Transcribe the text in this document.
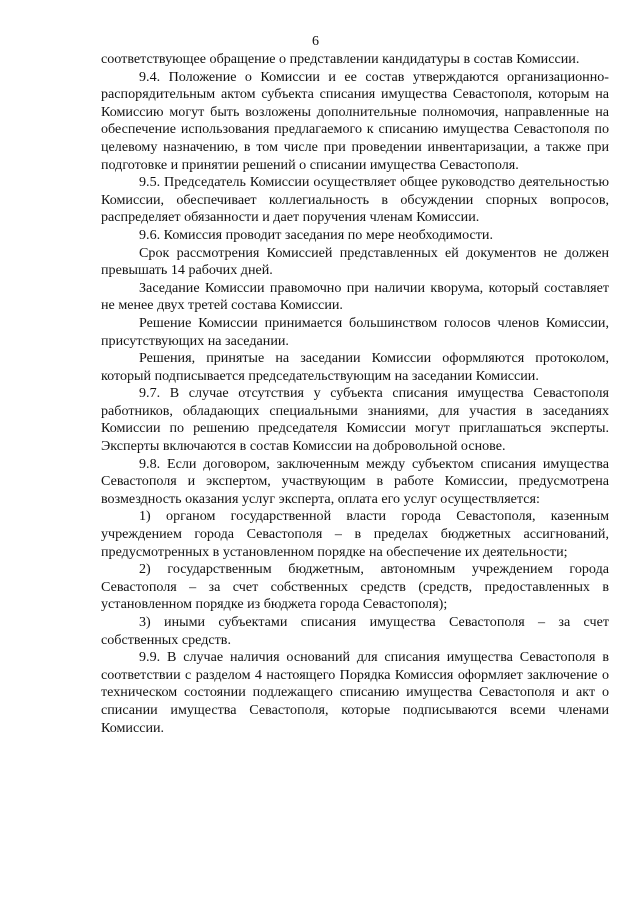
6

соответствующее обращение о представлении кандидатуры в состав Комиссии.

9.4. Положение о Комиссии и ее состав утверждаются организационно-распорядительным актом субъекта списания имущества Севастополя, которым на Комиссию могут быть возложены дополнительные полномочия, направленные на обеспечение использования предлагаемого к списанию имущества Севастополя по целевому назначению, в том числе при проведении инвентаризации, а также при подготовке и принятии решений о списании имущества Севастополя.

9.5. Председатель Комиссии осуществляет общее руководство деятельностью Комиссии, обеспечивает коллегиальность в обсуждении спорных вопросов, распределяет обязанности и дает поручения членам Комиссии.

9.6. Комиссия проводит заседания по мере необходимости.

Срок рассмотрения Комиссией представленных ей документов не должен превышать 14 рабочих дней.

Заседание Комиссии правомочно при наличии кворума, который составляет не менее двух третей состава Комиссии.

Решение Комиссии принимается большинством голосов членов Комиссии, присутствующих на заседании.

Решения, принятые на заседании Комиссии оформляются протоколом, который подписывается председательствующим на заседании Комиссии.

9.7. В случае отсутствия у субъекта списания имущества Севастополя работников, обладающих специальными знаниями, для участия в заседаниях Комиссии по решению председателя Комиссии могут приглашаться эксперты. Эксперты включаются в состав Комиссии на добровольной основе.

9.8. Если договором, заключенным между субъектом списания имущества Севастополя и экспертом, участвующим в работе Комиссии, предусмотрена возмездность оказания услуг эксперта, оплата его услуг осуществляется:

1) органом государственной власти города Севастополя, казенным учреждением города Севастополя – в пределах бюджетных ассигнований, предусмотренных в установленном порядке на обеспечение их деятельности;

2) государственным бюджетным, автономным учреждением города Севастополя – за счет собственных средств (средств, предоставленных в установленном порядке из бюджета города Севастополя);

3) иными субъектами списания имущества Севастополя – за счет собственных средств.

9.9. В случае наличия оснований для списания имущества Севастополя в соответствии с разделом 4 настоящего Порядка Комиссия оформляет заключение о техническом состоянии подлежащего списанию имущества Севастополя и акт о списании имущества Севастополя, которые подписываются всеми членами Комиссии.
